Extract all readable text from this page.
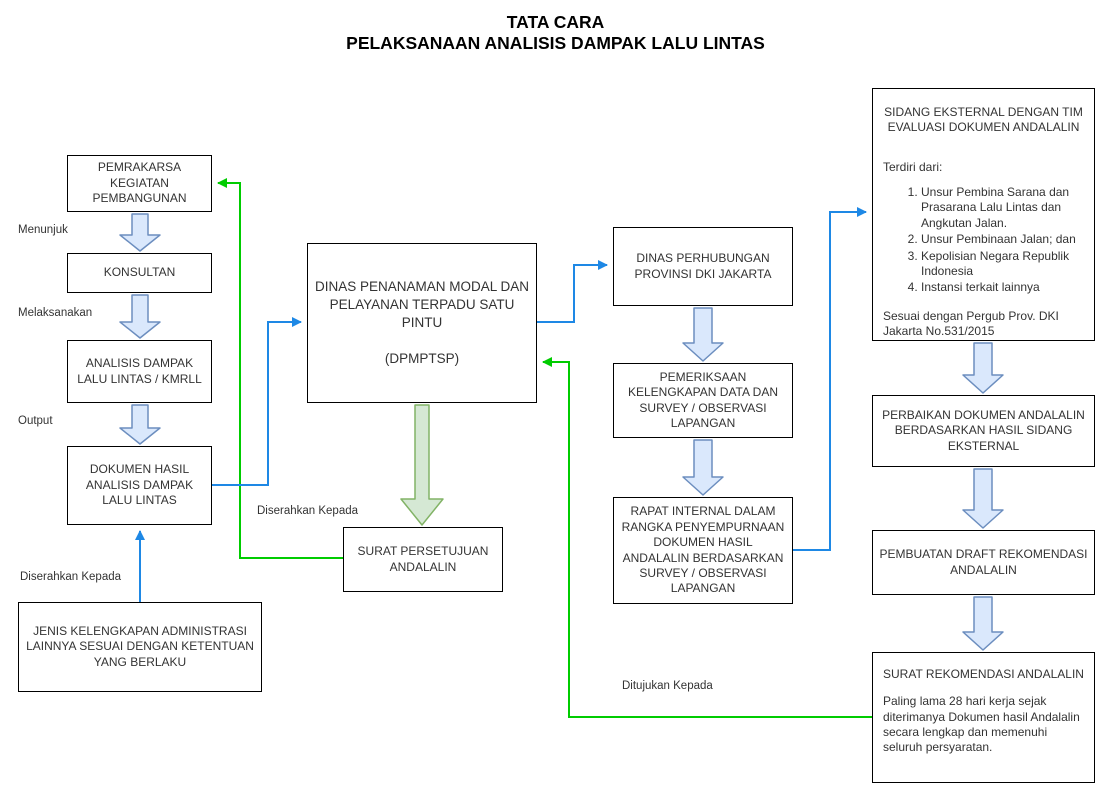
TATA CARA
PELAKSANAAN ANALISIS DAMPAK LALU LINTAS
PEMRAKARSA KEGIATAN PEMBANGUNAN
KONSULTAN
ANALISIS DAMPAK LALU LINTAS / KMRLL
DOKUMEN HASIL ANALISIS DAMPAK LALU LINTAS
JENIS KELENGKAPAN ADMINISTRASI LAINNYA SESUAI DENGAN KETENTUAN YANG BERLAKU
DINAS PENANAMAN MODAL DAN PELAYANAN TERPADU SATU PINTU
(DPMPTSP)
SURAT PERSETUJUAN ANDALALIN
DINAS PERHUBUNGAN PROVINSI DKI JAKARTA
PEMERIKSAAN KELENGKAPAN DATA DAN SURVEY / OBSERVASI LAPANGAN
RAPAT INTERNAL DALAM RANGKA PENYEMPURNAAN DOKUMEN HASIL ANDALALIN BERDASARKAN SURVEY / OBSERVASI LAPANGAN
SIDANG EKSTERNAL DENGAN TIM EVALUASI DOKUMEN ANDALALIN
Terdiri dari:
1. Unsur Pembina Sarana dan Prasarana Lalu Lintas dan Angkutan Jalan.
2. Unsur Pembinaan Jalan; dan
3. Kepolisian Negara Republik Indonesia
4. Instansi terkait lainnya
Sesuai dengan Pergub Prov. DKI Jakarta No.531/2015
PERBAIKAN DOKUMEN ANDALALIN BERDASARKAN HASIL SIDANG EKSTERNAL
PEMBUATAN DRAFT REKOMENDASI ANDALALIN
SURAT REKOMENDASI ANDALALIN
Paling lama 28 hari kerja sejak diterimanya Dokumen hasil Andalalin secara lengkap dan memenuhi seluruh persyaratan.
Menunjuk
Melaksanakan
Output
Diserahkan Kepada
Diserahkan Kepada
Ditujukan Kepada
